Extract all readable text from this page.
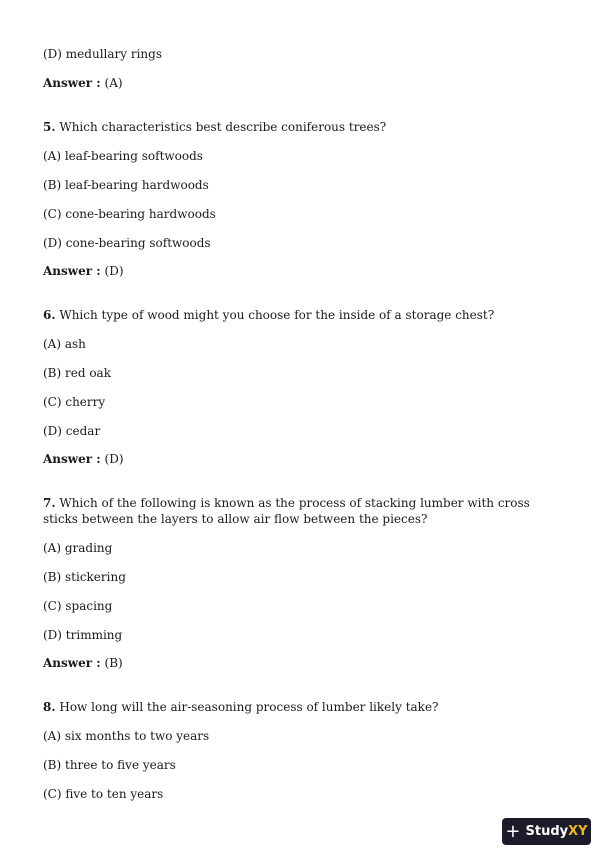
(D) medullary rings
Answer : (A)
5. Which characteristics best describe coniferous trees?
(A) leaf-bearing softwoods
(B) leaf-bearing hardwoods
(C) cone-bearing hardwoods
(D) cone-bearing softwoods
Answer : (D)
6. Which type of wood might you choose for the inside of a storage chest?
(A) ash
(B) red oak
(C) cherry
(D) cedar
Answer : (D)
7. Which of the following is known as the process of stacking lumber with cross sticks between the layers to allow air flow between the pieces?
(A) grading
(B) stickering
(C) spacing
(D) trimming
Answer : (B)
8. How long will the air-seasoning process of lumber likely take?
(A) six months to two years
(B) three to five years
(C) five to ten years
+ StudyXY
